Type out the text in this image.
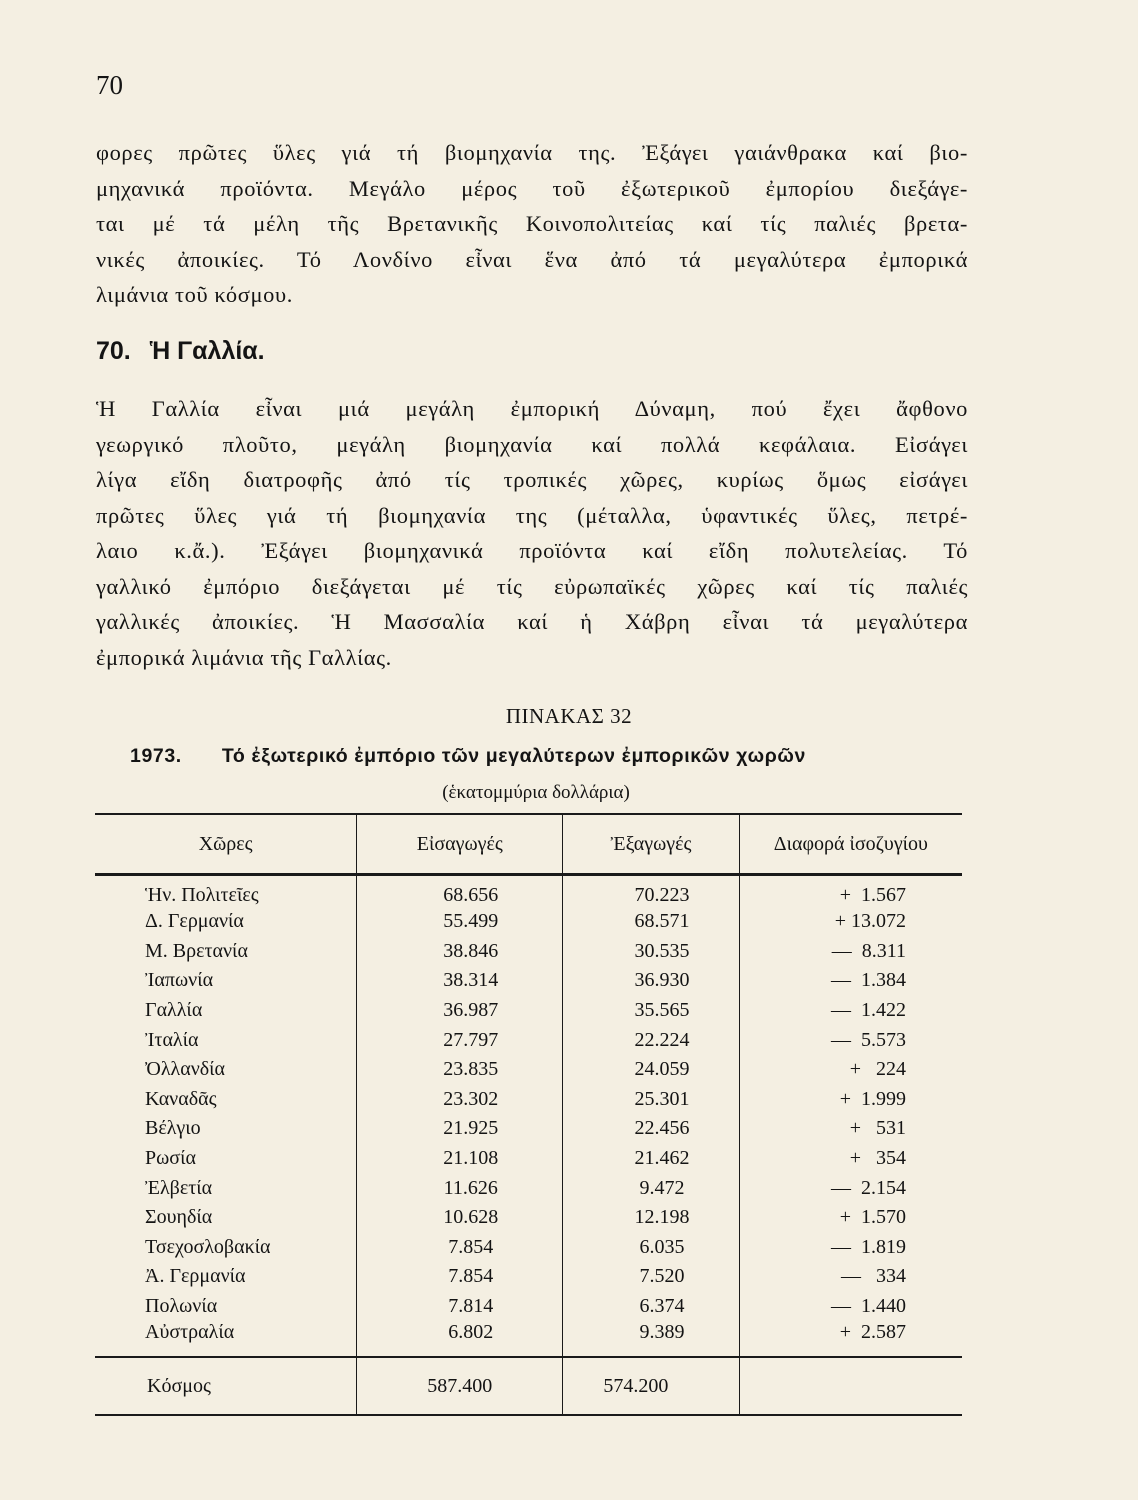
70

φορες πρῶτες ὕλες γιά τή βιομηχανία της. Ἐξάγει γαιάνθρακα καί βιο-
μηχανικά προϊόντα. Μεγάλο μέρος τοῦ ἐξωτερικοῦ ἐμπορίου διεξάγε-
ται μέ τά μέλη τῆς Βρετανικῆς Κοινοπολιτείας καί τίς παλιές βρετα-
νικές ἀποικίες. Τό Λονδίνο εἶναι ἕνα ἀπό τά μεγαλύτερα ἐμπορικά
λιμάνια τοῦ κόσμου.

70. Ἡ Γαλλία.

Ἡ Γαλλία εἶναι μιά μεγάλη ἐμπορική Δύναμη, πού ἔχει ἄφθονο
γεωργικό πλοῦτο, μεγάλη βιομηχανία καί πολλά κεφάλαια. Εἰσάγει
λίγα εἴδη διατροφῆς ἀπό τίς τροπικές χῶρες, κυρίως ὅμως εἰσάγει
πρῶτες ὕλες γιά τή βιομηχανία της (μέταλλα, ὑφαντικές ὕλες, πετρέ-
λαιο κ.ἄ.). Ἐξάγει βιομηχανικά προϊόντα καί εἴδη πολυτελείας. Τό
γαλλικό ἐμπόριο διεξάγεται μέ τίς εὐρωπαϊκές χῶρες καί τίς παλιές
γαλλικές ἀποικίες. Ἡ Μασσαλία καί ἡ Χάβρη εἶναι τά μεγαλύτερα
ἐμπορικά λιμάνια τῆς Γαλλίας.

ΠΙΝΑΚΑΣ 32
1973. Τό ἐξωτερικό ἐμπόριο τῶν μεγαλύτερων ἐμπορικῶν χωρῶν
(ἑκατομμύρια δολλάρια)
Χῶρες	Εἰσαγωγές	Ἐξαγωγές	Διαφορά ἰσοζυγίου
Ἡν. Πολιτεῖες	68.656	70.223	+  1.567
Δ. Γερμανία	55.499	68.571	+ 13.072
Μ. Βρετανία	38.846	30.535	—  8.311
Ἰαπωνία	38.314	36.930	—  1.384
Γαλλία	36.987	35.565	—  1.422
Ἰταλία	27.797	22.224	—  5.573
Ὀλλανδία	23.835	24.059	+   224
Καναδᾶς	23.302	25.301	+  1.999
Βέλγιο	21.925	22.456	+   531
Ρωσία	21.108	21.462	+   354
Ἐλβετία	11.626	9.472	—  2.154
Σουηδία	10.628	12.198	+  1.570
Τσεχοσλοβακία	7.854	6.035	—  1.819
Ἀ. Γερμανία	7.854	7.520	—   334
Πολωνία	7.814	6.374	—  1.440
Αὐστραλία	6.802	9.389	+  2.587
Κόσμος	587.400	574.200	
